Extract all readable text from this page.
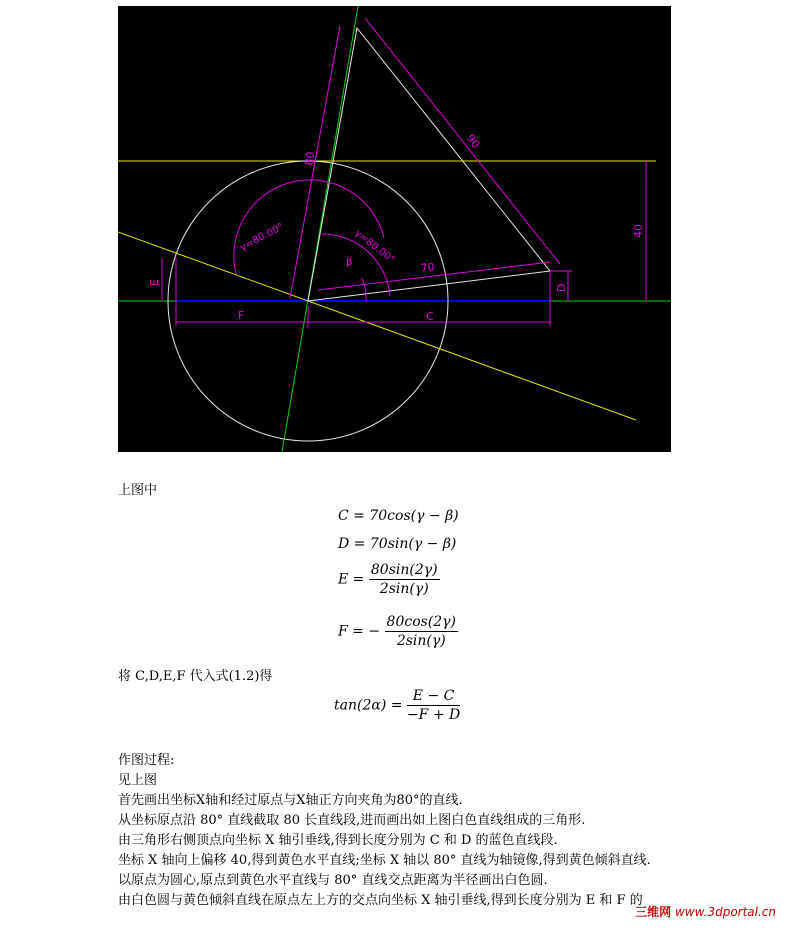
80
90
70
40
γ=80.00°	γ=80.00°
β
E
F	C
D
上图中
C = 70cos(γ − β)
D = 70sin(γ − β)
$E = \frac{80\sin(2\gamma)}{2\sin(\gamma)}$
F = − $\frac{80\cos(2\gamma)}{2\sin(\gamma)}$
将 C,D,E,F 代入式(1.2)得
$\tan(2\alpha) = \frac{E - C}{-F + D}$
作图过程:
见上图
首先画出坐标X轴和经过原点与X轴正方向夹角为80°的直线.
从坐标原点沿 80° 直线截取 80 长直线段,进而画出如上图白色直线组成的三角形.
由三角形右侧顶点向坐标 X 轴引垂线,得到长度分别为 C 和 D 的蓝色直线段.
坐标 X 轴向上偏移 40,得到黄色水平直线;坐标 X 轴以 80° 直线为轴镜像,得到黄色倾斜直线.
以原点为圆心,原点到黄色水平直线与 80° 直线交点距离为半径画出白色圆.
由白色圆与黄色倾斜直线在原点左上方的交点向坐标 X 轴引垂线,得到长度分别为 E 和 F 的
三维网 www.3dportal.cn
